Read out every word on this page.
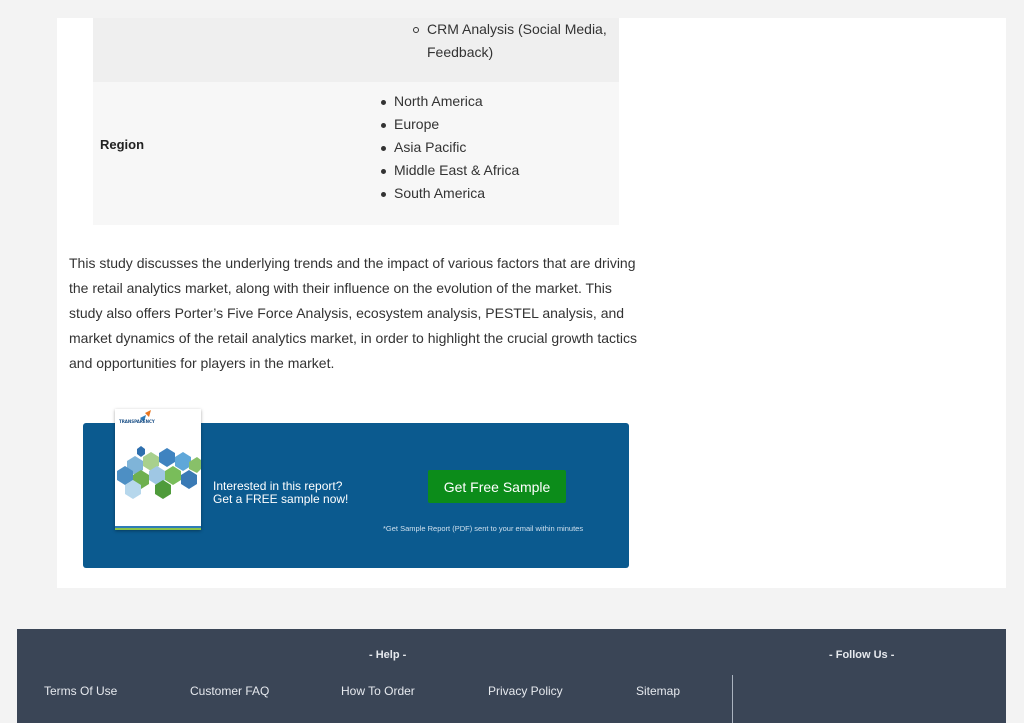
CRM Analysis (Social Media, Feedback)
Region
North America
Europe
Asia Pacific
Middle East & Africa
South America

This study discusses the underlying trends and the impact of various factors that are driving the retail analytics market, along with their influence on the evolution of the market. This study also offers Porter’s Five Force Analysis, ecosystem analysis, PESTEL analysis, and market dynamics of the retail analytics market, in order to highlight the crucial growth tactics and opportunities for players in the market.

Interested in this report?
Get a FREE sample now!
Get Free Sample
*Get Sample Report (PDF) sent to your email within minutes
TRANSPARENCY
- Help -	- Follow Us -
Terms Of Use	Customer FAQ	How To Order	Privacy Policy	Sitemap
